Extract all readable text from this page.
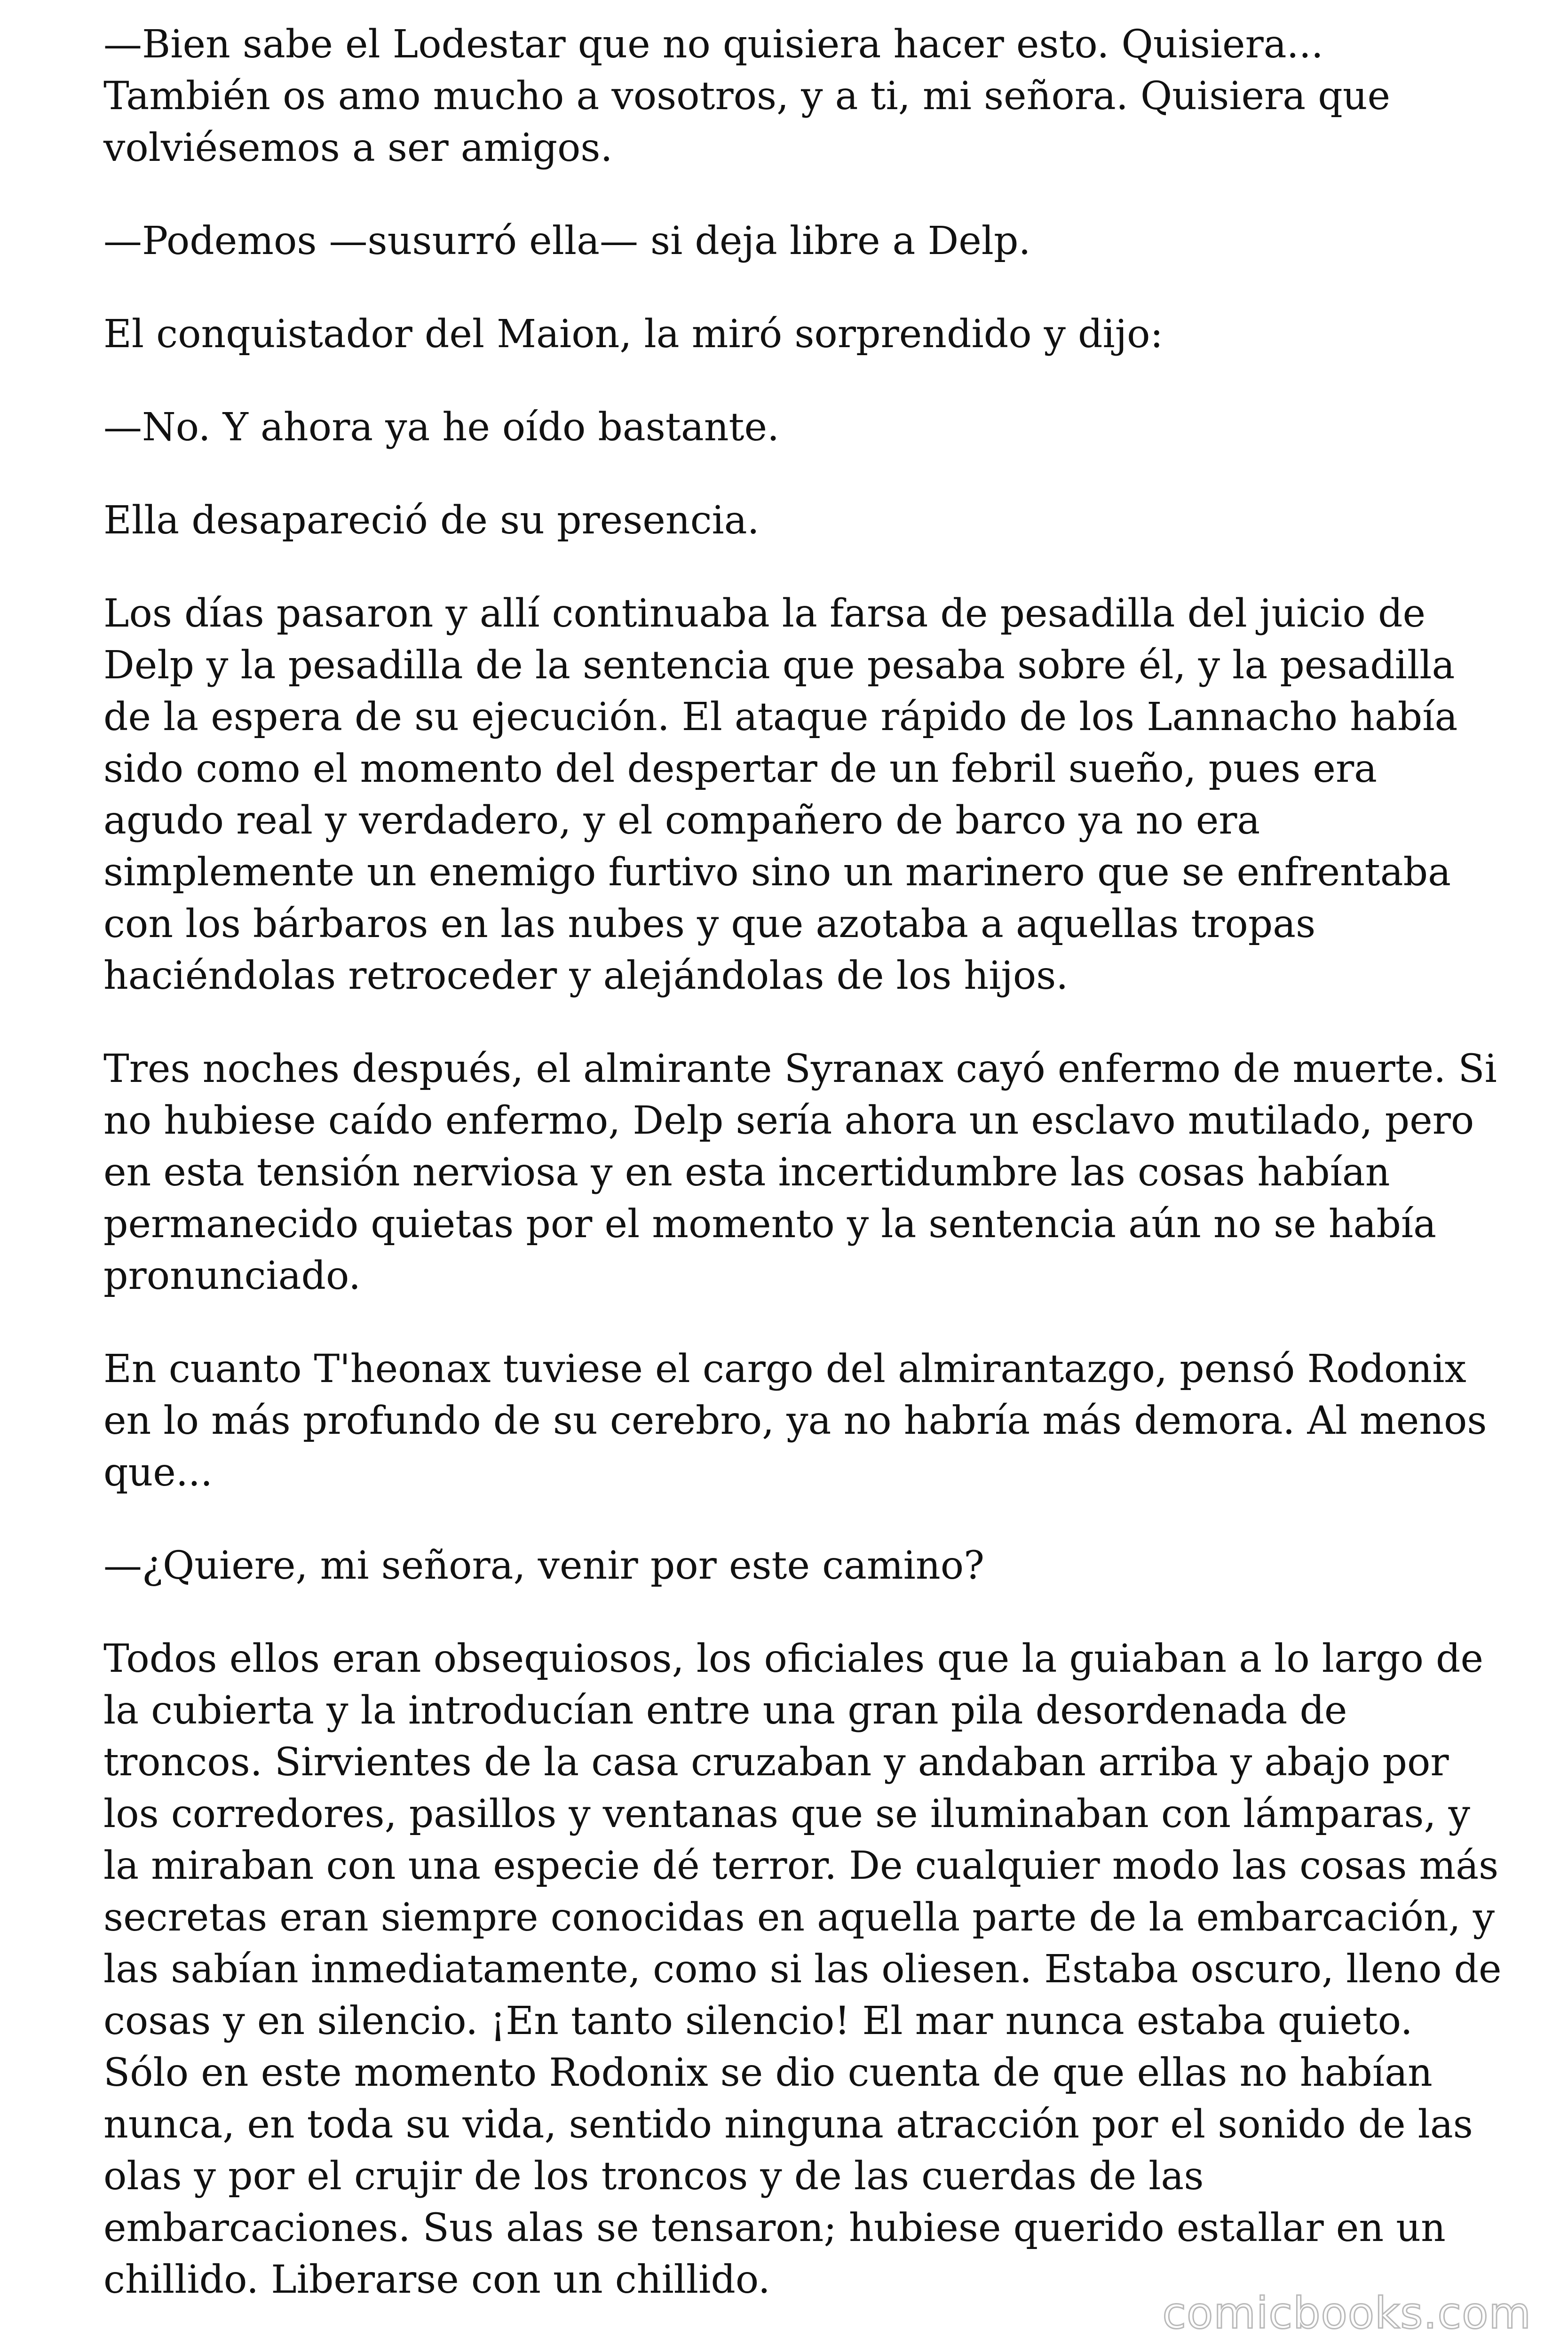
—Bien sabe el Lodestar que no quisiera hacer esto. Quisiera...
También os amo mucho a vosotros, y a ti, mi señora. Quisiera que
volviésemos a ser amigos.

—Podemos —susurró ella— si deja libre a Delp.

El conquistador del Maion, la miró sorprendido y dijo:

—No. Y ahora ya he oído bastante.

Ella desapareció de su presencia.

Los días pasaron y allí continuaba la farsa de pesadilla del juicio de
Delp y la pesadilla de la sentencia que pesaba sobre él, y la pesadilla
de la espera de su ejecución. El ataque rápido de los Lannacho había
sido como el momento del despertar de un febril sueño, pues era
agudo real y verdadero, y el compañero de barco ya no era
simplemente un enemigo furtivo sino un marinero que se enfrentaba
con los bárbaros en las nubes y que azotaba a aquellas tropas
haciéndolas retroceder y alejándolas de los hijos.

Tres noches después, el almirante Syranax cayó enfermo de muerte. Si
no hubiese caído enfermo, Delp sería ahora un esclavo mutilado, pero
en esta tensión nerviosa y en esta incertidumbre las cosas habían
permanecido quietas por el momento y la sentencia aún no se había
pronunciado.

En cuanto T'heonax tuviese el cargo del almirantazgo, pensó Rodonix
en lo más profundo de su cerebro, ya no habría más demora. Al menos
que...

—¿Quiere, mi señora, venir por este camino?

Todos ellos eran obsequiosos, los oficiales que la guiaban a lo largo de
la cubierta y la introducían entre una gran pila desordenada de
troncos. Sirvientes de la casa cruzaban y andaban arriba y abajo por
los corredores, pasillos y ventanas que se iluminaban con lámparas, y
la miraban con una especie dé terror. De cualquier modo las cosas más
secretas eran siempre conocidas en aquella parte de la embarcación, y
las sabían inmediatamente, como si las oliesen. Estaba oscuro, lleno de
cosas y en silencio. ¡En tanto silencio! El mar nunca estaba quieto.
Sólo en este momento Rodonix se dio cuenta de que ellas no habían
nunca, en toda su vida, sentido ninguna atracción por el sonido de las
olas y por el crujir de los troncos y de las cuerdas de las
embarcaciones. Sus alas se tensaron; hubiese querido estallar en un
chillido. Liberarse con un chillido.

comicbooks.com
